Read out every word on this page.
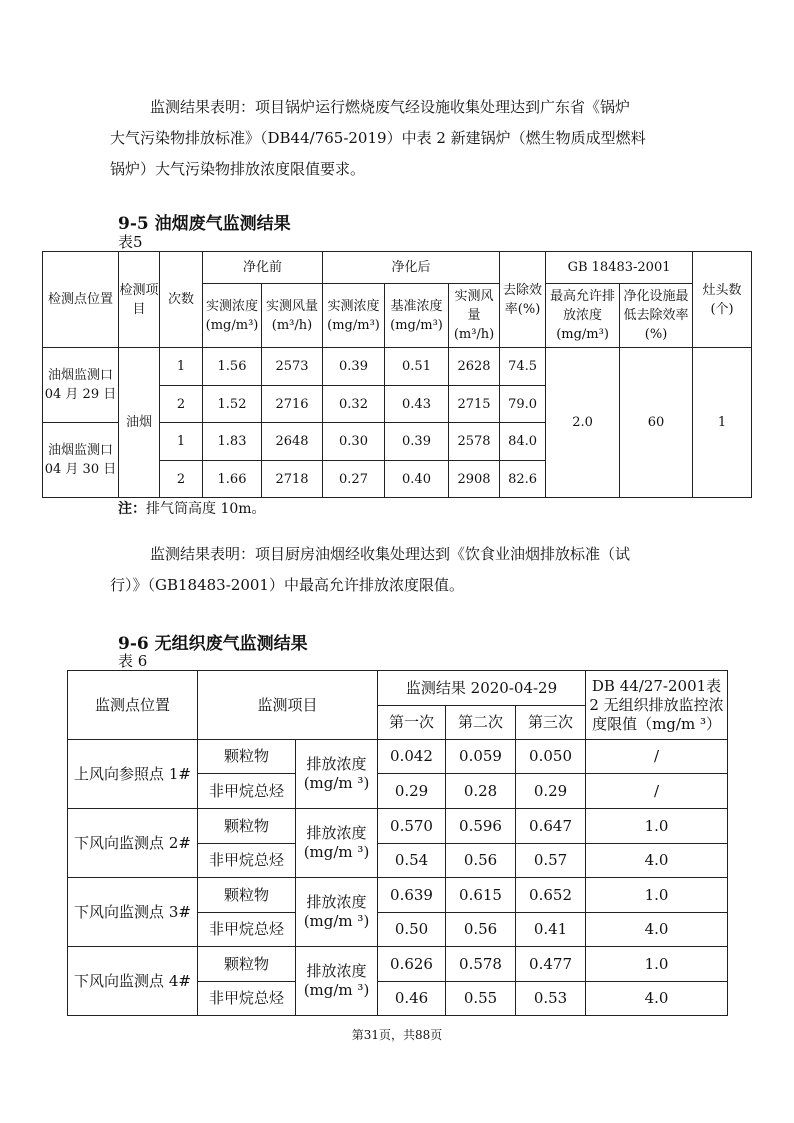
监测结果表明：项目锅炉运行燃烧废气经设施收集处理达到广东省《锅炉
大气污染物排放标准》（DB44/765-2019）中表 2 新建锅炉（燃生物质成型燃料
锅炉）大气污染物排放浓度限值要求。
9-5 油烟废气监测结果
表5
检测点位置	检测项目	次数	净化前		净化后			去除效率(%)	GB 18483-2001		灶头数(个)
			实测浓度(mg/m³)	实测风量(m³/h)	实测浓度(mg/m³)	基准浓度(mg/m³)	实测风量(m³/h)		最高允许排放浓度(mg/m³)	净化设施最低去除效率(%)	
油烟监测口 04 月 29 日	油烟	1	1.56	2573	0.39	0.51	2628	74.5	2.0	60	1
		2	1.52	2716	0.32	0.43	2715	79.0			
油烟监测口 04 月 30 日		1	1.83	2648	0.30	0.39	2578	84.0			
		2	1.66	2718	0.27	0.40	2908	82.6			
注：排气筒高度 10m。
监测结果表明：项目厨房油烟经收集处理达到《饮食业油烟排放标准（试
行）》（GB18483-2001）中最高允许排放浓度限值。
9-6 无组织废气监测结果
表 6
监测点位置	监测项目		监测结果 2020-04-29			DB 44/27-2001表 2 无组织排放监控浓度限值（mg/m ³）
			第一次	第二次	第三次	
上风向参照点 1#	颗粒物	排放浓度(mg/m ³)	0.042	0.059	0.050	/
	非甲烷总烃		0.29	0.28	0.29	/
下风向监测点 2#	颗粒物	排放浓度(mg/m ³)	0.570	0.596	0.647	1.0
	非甲烷总烃		0.54	0.56	0.57	4.0
下风向监测点 3#	颗粒物	排放浓度(mg/m ³)	0.639	0.615	0.652	1.0
	非甲烷总烃		0.50	0.56	0.41	4.0
下风向监测点 4#	颗粒物	排放浓度(mg/m ³)	0.626	0.578	0.477	1.0
	非甲烷总烃		0.46	0.55	0.53	4.0
第31页，共88页
